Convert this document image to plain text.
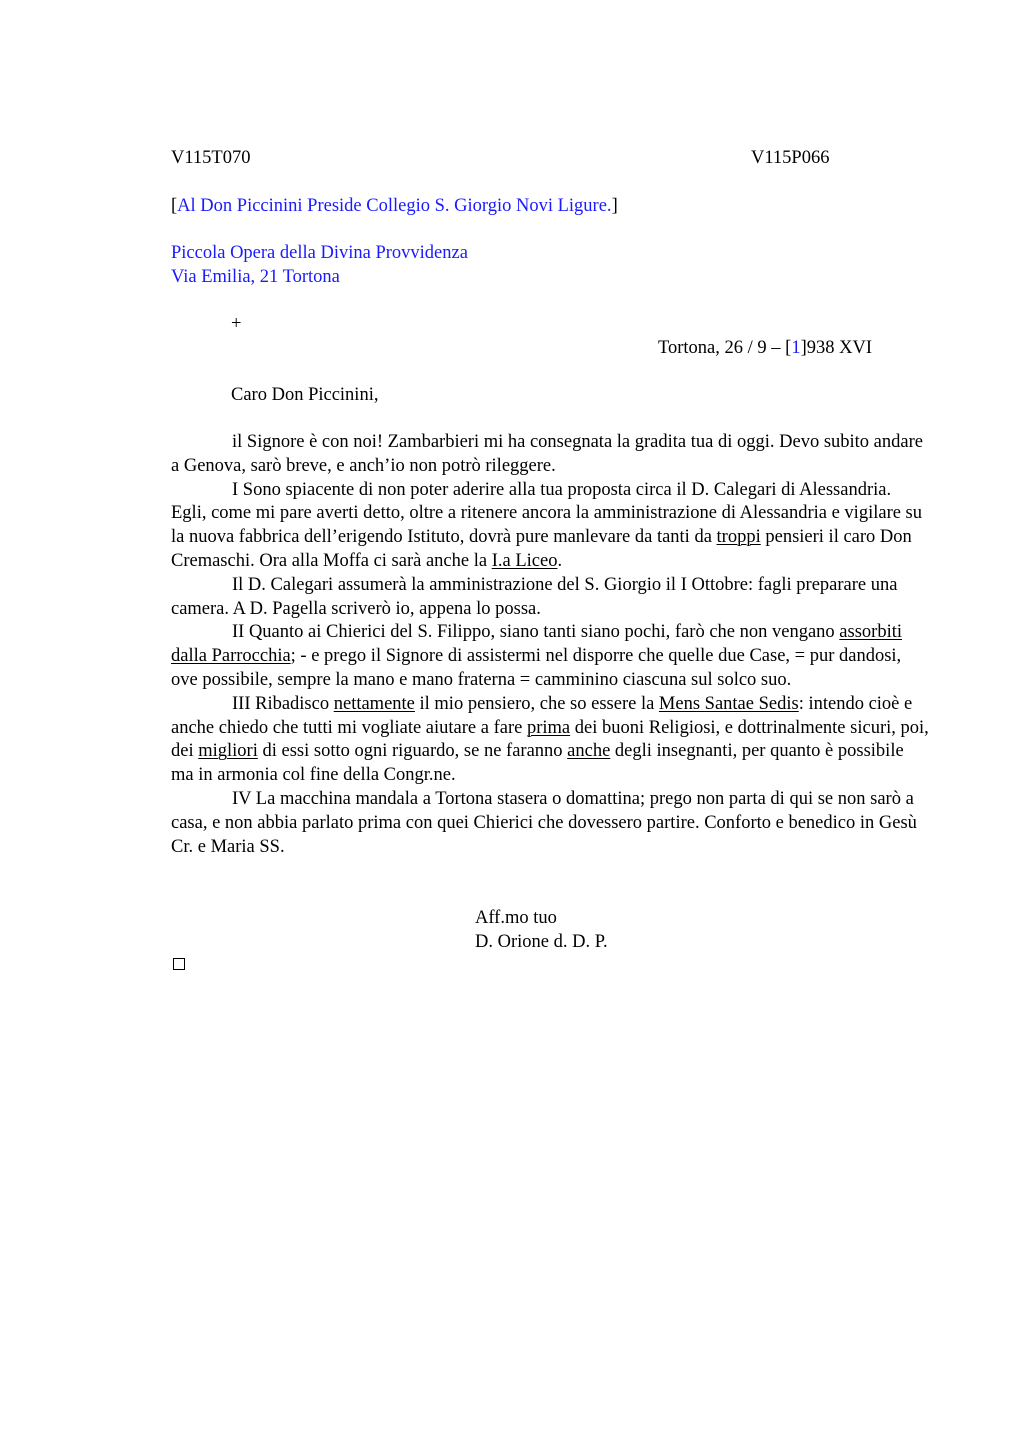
V115T070	V115P066
[Al Don Piccinini Preside Collegio S. Giorgio Novi Ligure.]
Piccola Opera della Divina Provvidenza
Via Emilia, 21 Tortona
+
Tortona, 26 / 9 – [1]938 XVI
Caro Don Piccinini,

il Signore è con noi! Zambarbieri mi ha consegnata la gradita tua di oggi. Devo subito andare a Genova, sarò breve, e anch’io non potrò rileggere.

I Sono spiacente di non poter aderire alla tua proposta circa il D. Calegari di Alessandria. Egli, come mi pare averti detto, oltre a ritenere ancora la amministrazione di Alessandria e vigilare su la nuova fabbrica dell’erigendo Istituto, dovrà pure manlevare da tanti da troppi pensieri il caro Don Cremaschi. Ora alla Moffa ci sarà anche la I.a Liceo.

Il D. Calegari assumerà la amministrazione del S. Giorgio il I Ottobre: fagli preparare una camera. A D. Pagella scriverò io, appena lo possa.

II Quanto ai Chierici del S. Filippo, siano tanti siano pochi, farò che non vengano assorbiti dalla Parrocchia; - e prego il Signore di assistermi nel disporre che quelle due Case, = pur dandosi, ove possibile, sempre la mano e mano fraterna = camminino ciascuna sul solco suo.

III Ribadisco nettamente il mio pensiero, che so essere la Mens Santae Sedis: intendo cioè e anche chiedo che tutti mi vogliate aiutare a fare prima dei buoni Religiosi, e dottrinalmente sicuri, poi, dei migliori di essi sotto ogni riguardo, se ne faranno anche degli insegnanti, per quanto è possibile ma in armonia col fine della Congr.ne.

IV La macchina mandala a Tortona stasera o domattina; prego non parta di qui se non sarò a casa, e non abbia parlato prima con quei Chierici che dovessero partire. Conforto e benedico in Gesù Cr. e Maria SS.

Aff.mo tuo
D. Orione d. D. P.
